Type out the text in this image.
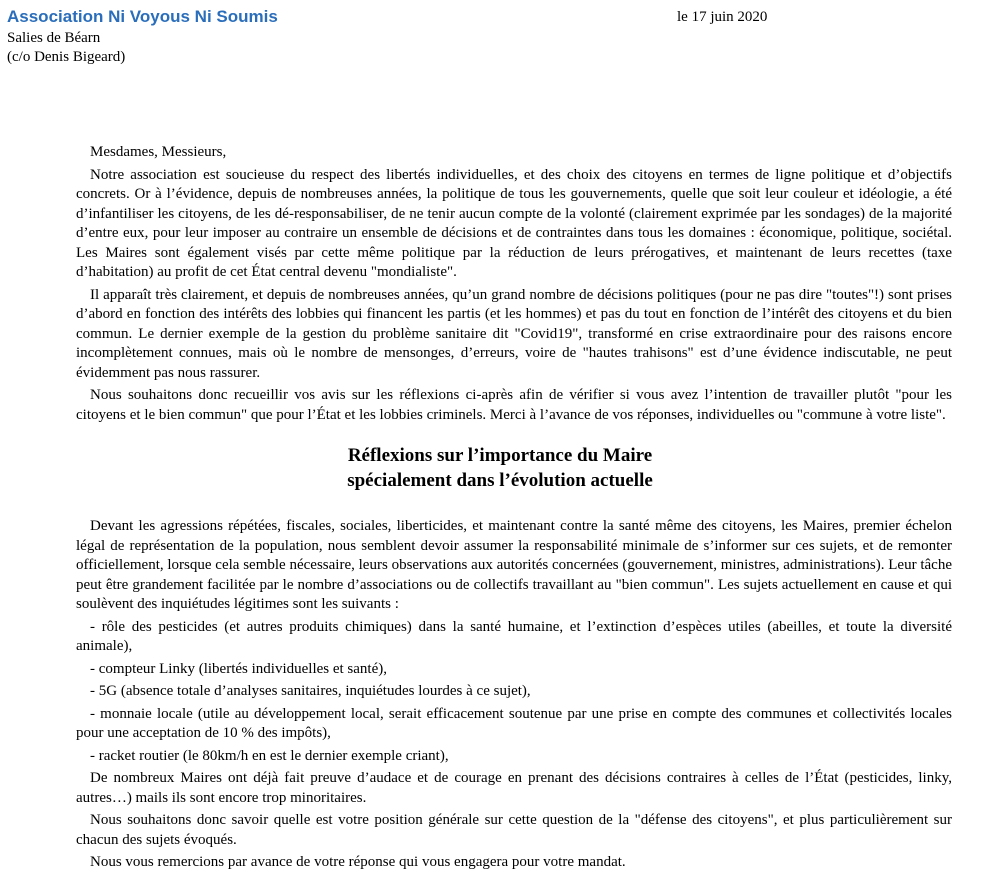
Association Ni Voyous Ni Soumis	le 17 juin 2020
Salies de Béarn
(c/o Denis Bigeard)

Mesdames, Messieurs,

Notre association est soucieuse du respect des libertés individuelles, et des choix des citoyens en termes de ligne politique et d’objectifs concrets. Or à l’évidence, depuis de nombreuses années, la politique de tous les gouvernements, quelle que soit leur couleur et idéologie, a été d’infantiliser les citoyens, de les dé-responsabiliser, de ne tenir aucun compte de la volonté (clairement exprimée par les sondages) de la majorité d’entre eux, pour leur imposer au contraire un ensemble de décisions et de contraintes dans tous les domaines : économique, politique, sociétal. Les Maires sont également visés par cette même politique par la réduction de leurs prérogatives, et maintenant de leurs recettes (taxe d’habitation) au profit de cet État central devenu "mondialiste".

Il apparaît très clairement, et depuis de nombreuses années, qu’un grand nombre de décisions politiques (pour ne pas dire "toutes"!) sont prises d’abord en fonction des intérêts des lobbies qui financent les partis (et les hommes) et pas du tout en fonction de l’intérêt des citoyens et du bien commun. Le dernier exemple de la gestion du problème sanitaire dit "Covid19", transformé en crise extraordinaire pour des raisons encore incomplètement connues, mais où le nombre de mensonges, d’erreurs, voire de "hautes trahisons" est d’une évidence indiscutable, ne peut évidemment pas nous rassurer.

Nous souhaitons donc recueillir vos avis sur les réflexions ci-après afin de vérifier si vous avez l’intention de travailler plutôt "pour les citoyens et le bien commun" que pour l’État et les lobbies criminels. Merci à l’avance de vos réponses, individuelles ou "commune à votre liste".

Réflexions sur l’importance du Maire
spécialement dans l’évolution actuelle

Devant les agressions répétées, fiscales, sociales, liberticides, et maintenant contre la santé même des citoyens, les Maires, premier échelon légal de représentation de la population, nous semblent devoir assumer la responsabilité minimale de s’informer sur ces sujets, et de remonter officiellement, lorsque cela semble nécessaire, leurs observations aux autorités concernées (gouvernement, ministres, administrations). Leur tâche peut être grandement facilitée par le nombre d’associations ou de collectifs travaillant au "bien commun". Les sujets actuellement en cause et qui soulèvent des inquiétudes légitimes sont les suivants :

- rôle des pesticides (et autres produits chimiques) dans la santé humaine, et l’extinction d’espèces utiles (abeilles, et toute la diversité animale),

- compteur Linky (libertés individuelles et santé),

- 5G (absence totale d’analyses sanitaires, inquiétudes lourdes à ce sujet),

- monnaie locale (utile au développement local, serait efficacement soutenue par une prise en compte des communes et collectivités locales pour une acceptation de 10 % des impôts),

- racket routier (le 80km/h en est le dernier exemple criant),

De nombreux Maires ont déjà fait preuve d’audace et de courage en prenant des décisions contraires à celles de l’État (pesticides, linky, autres…) mails ils sont encore trop minoritaires.

Nous souhaitons donc savoir quelle est votre position générale sur cette question de la "défense des citoyens", et plus particulièrement sur chacun des sujets évoqués.

Nous vous remercions par avance de votre réponse qui vous engagera pour votre mandat.
